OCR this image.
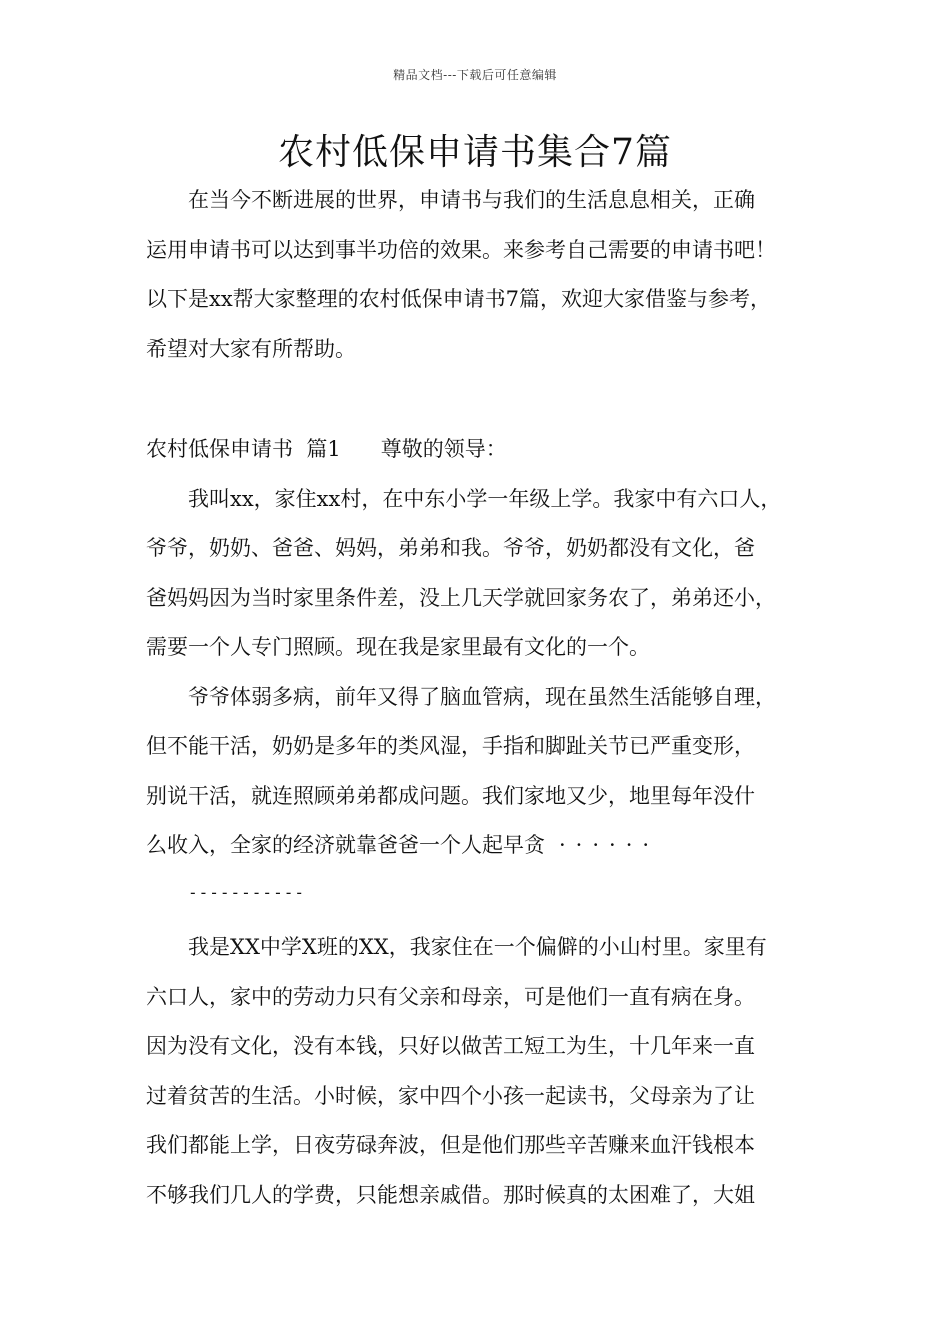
精品文档---下载后可任意编辑
农村低保申请书集合7篇

在当今不断进展的世界，申请书与我们的生活息息相关，正确
运用申请书可以达到事半功倍的效果。来参考自己需要的申请书吧！
以下是xx帮大家整理的农村低保申请书7篇，欢迎大家借鉴与参考，
希望对大家有所帮助。

农村低保申请书  篇1 尊敬的领导：

我叫xx，家住xx村，在中东小学一年级上学。我家中有六口人，
爷爷，奶奶、爸爸、妈妈，弟弟和我。爷爷，奶奶都没有文化，爸
爸妈妈因为当时家里条件差，没上几天学就回家务农了，弟弟还小，
需要一个人专门照顾。现在我是家里最有文化的一个。

爷爷体弱多病，前年又得了脑血管病，现在虽然生活能够自理，
但不能干活，奶奶是多年的类风湿，手指和脚趾关节已严重变形，
别说干活，就连照顾弟弟都成问题。我们家地又少，地里每年没什
么收入，全家的经济就靠爸爸一个人起早贪 ······

-----------

我是XX中学X班的XX，我家住在一个偏僻的小山村里。家里有
六口人，家中的劳动力只有父亲和母亲，可是他们一直有病在身。
因为没有文化，没有本钱，只好以做苦工短工为生，十几年来一直
过着贫苦的生活。小时候，家中四个小孩一起读书，父母亲为了让
我们都能上学，日夜劳碌奔波，但是他们那些辛苦赚来血汗钱根本
不够我们几人的学费，只能想亲戚借。那时候真的太困难了，大姐
